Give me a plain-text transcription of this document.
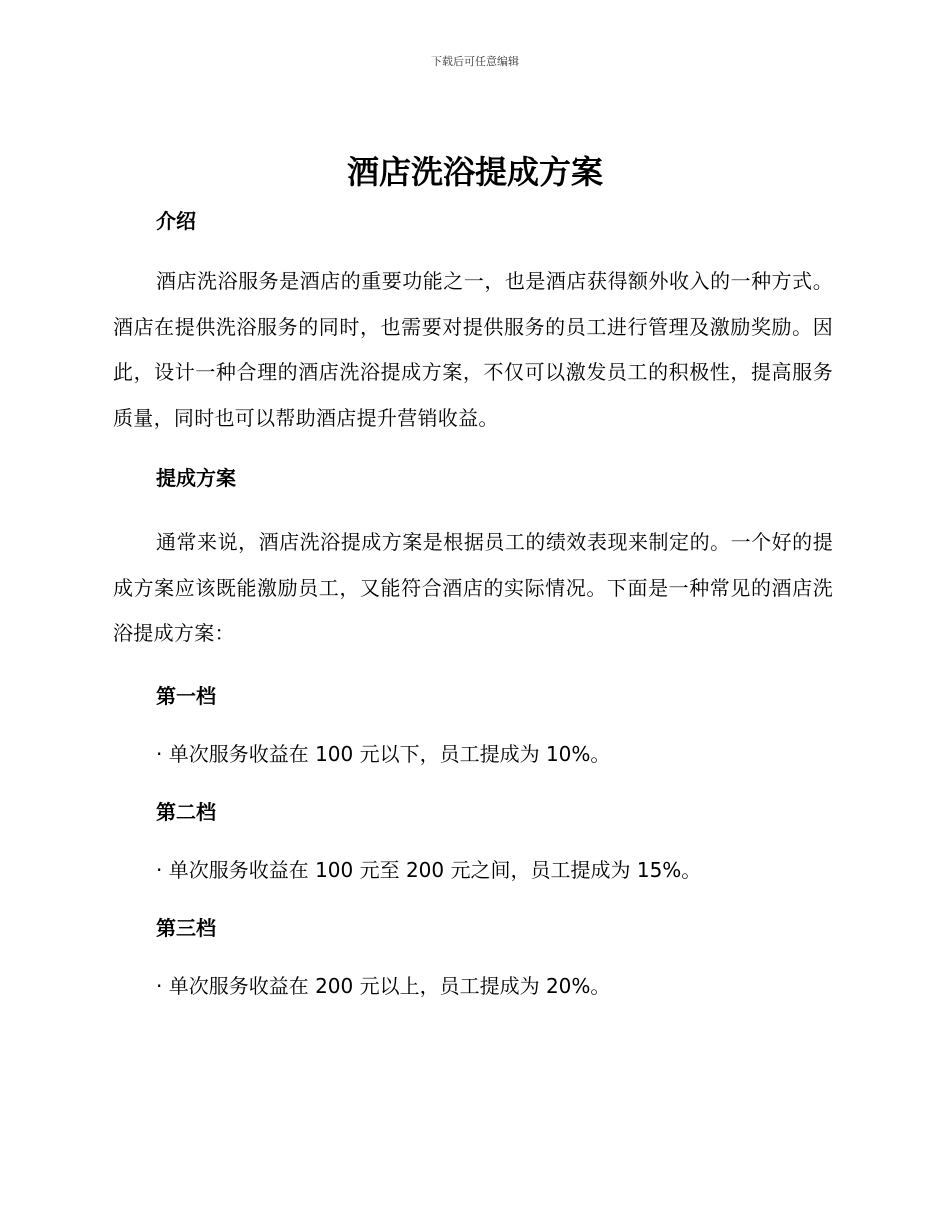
下载后可任意编辑
酒店洗浴提成方案
介绍

酒店洗浴服务是酒店的重要功能之一，也是酒店获得额外收入的一种方式。酒店在提供洗浴服务的同时，也需要对提供服务的员工进行管理及激励奖励。因此，设计一种合理的酒店洗浴提成方案，不仅可以激发员工的积极性，提高服务质量，同时也可以帮助酒店提升营销收益。

提成方案

通常来说，酒店洗浴提成方案是根据员工的绩效表现来制定的。一个好的提成方案应该既能激励员工，又能符合酒店的实际情况。下面是一种常见的酒店洗浴提成方案：

第一档

· 单次服务收益在 100 元以下，员工提成为 10%。

第二档

· 单次服务收益在 100 元至 200 元之间，员工提成为 15%。

第三档

· 单次服务收益在 200 元以上，员工提成为 20%。
